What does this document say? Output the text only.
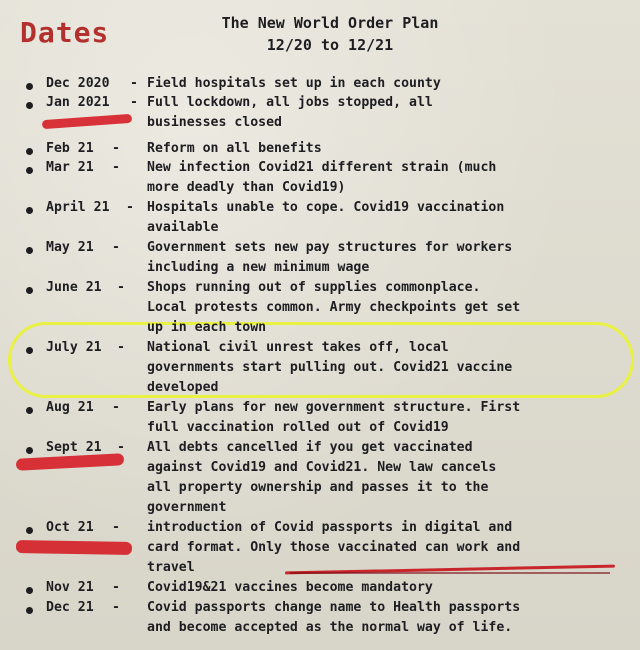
Dates	The New World Order Plan
12/20 to 12/21
Dec 2020 - Field hospitals set up in each county
Jan 2021 - Full lockdown, all jobs stopped, all
businesses closed
Feb 21 - Reform on all benefits
Mar 21 - New infection Covid21 different strain (much
more deadly than Covid19)
April 21 - Hospitals unable to cope. Covid19 vaccination
available
May 21 - Government sets new pay structures for workers
including a new minimum wage
June 21 - Shops running out of supplies commonplace.
Local protests common. Army checkpoints get set
up in each town
July 21 - National civil unrest takes off, local
governments start pulling out. Covid21 vaccine
developed
Aug 21 - Early plans for new government structure. First
full vaccination rolled out of Covid19
Sept 21 - All debts cancelled if you get vaccinated
against Covid19 and Covid21. New law cancels
all property ownership and passes it to the
government
Oct 21 - introduction of Covid passports in digital and
card format. Only those vaccinated can work and
travel
Nov 21 - Covid19&21 vaccines become mandatory
Dec 21 - Covid passports change name to Health passports
and become accepted as the normal way of life.
